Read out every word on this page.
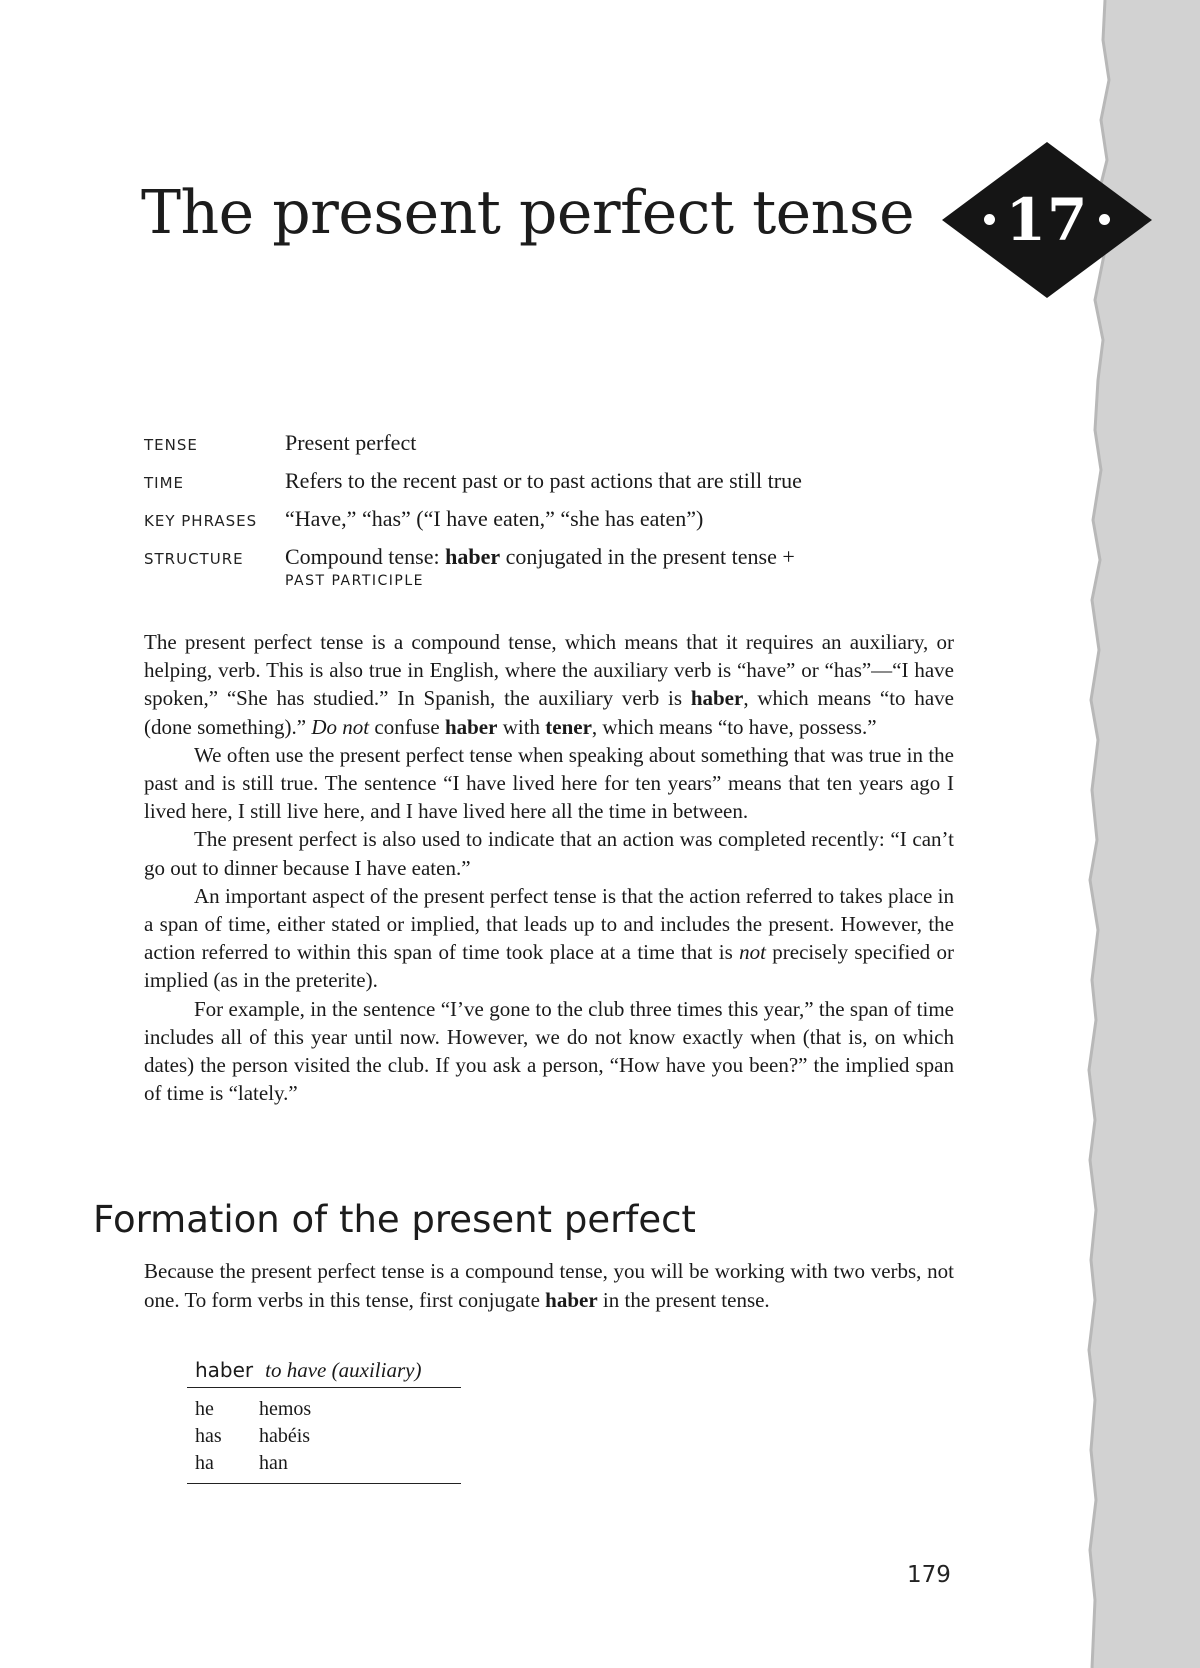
The present perfect tense	17
TENSE	Present perfect
TIME	Refers to the recent past or to past actions that are still true
KEY PHRASES	“Have,” “has” (“I have eaten,” “she has eaten”)
STRUCTURE	Compound tense: haber conjugated in the present tense +
PAST PARTICIPLE

The present perfect tense is a compound tense, which means that it requires an auxiliary, or helping, verb. This is also true in English, where the auxiliary verb is “have” or “has”—“I have spoken,” “She has studied.” In Spanish, the auxiliary verb is haber, which means “to have (done something).” Do not confuse haber with tener, which means “to have, possess.”

We often use the present perfect tense when speaking about something that was true in the past and is still true. The sentence “I have lived here for ten years” means that ten years ago I lived here, I still live here, and I have lived here all the time in between.

The present perfect is also used to indicate that an action was completed recently: “I can’t go out to dinner because I have eaten.”

An important aspect of the present perfect tense is that the action referred to takes place in a span of time, either stated or implied, that leads up to and includes the present. However, the action referred to within this span of time took place at a time that is not precisely specified or implied (as in the preterite).

For example, in the sentence “I’ve gone to the club three times this year,” the span of time includes all of this year until now. However, we do not know exactly when (that is, on which dates) the person visited the club. If you ask a person, “How have you been?” the implied span of time is “lately.”

Formation of the present perfect

Because the present perfect tense is a compound tense, you will be working with two verbs, not one. To form verbs in this tense, first conjugate haber in the present tense.

haber to have (auxiliary)
he	hemos
has	habéis
ha	han
179
